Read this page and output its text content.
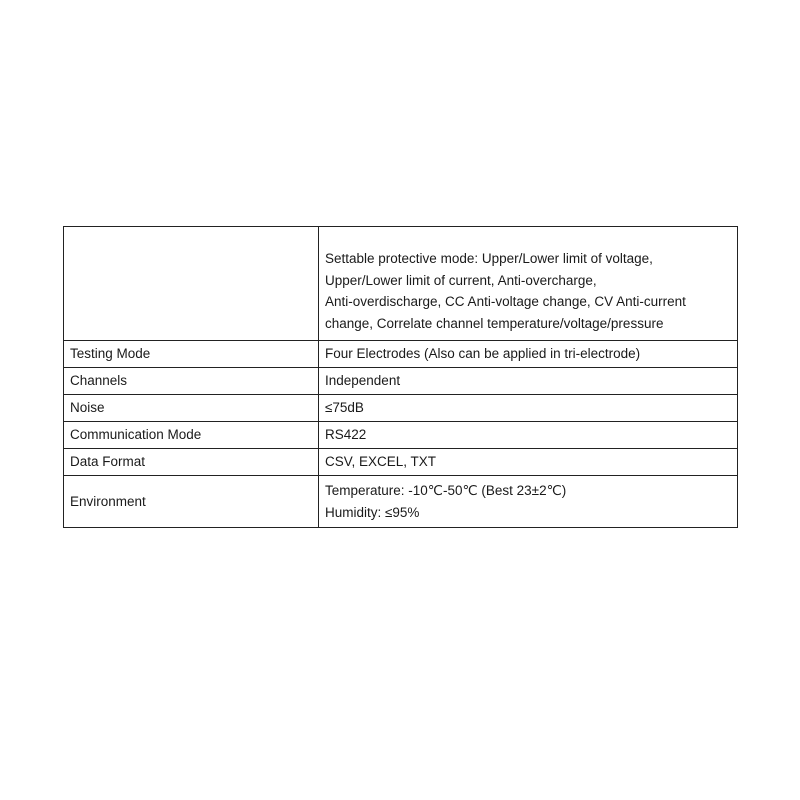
	Settable protective mode: Upper/Lower limit of voltage,
Upper/Lower limit of current, Anti-overcharge,
Anti-overdischarge, CC Anti-voltage change, CV Anti-current
change, Correlate channel temperature/voltage/pressure

Testing Mode	Four Electrodes (Also can be applied in tri-electrode)
Channels	Independent
Noise	≤75dB
Communication Mode	RS422
Data Format	CSV, EXCEL, TXT
Environment	Temperature: -10℃-50℃ (Best 23±2℃)
Humidity: ≤95%
